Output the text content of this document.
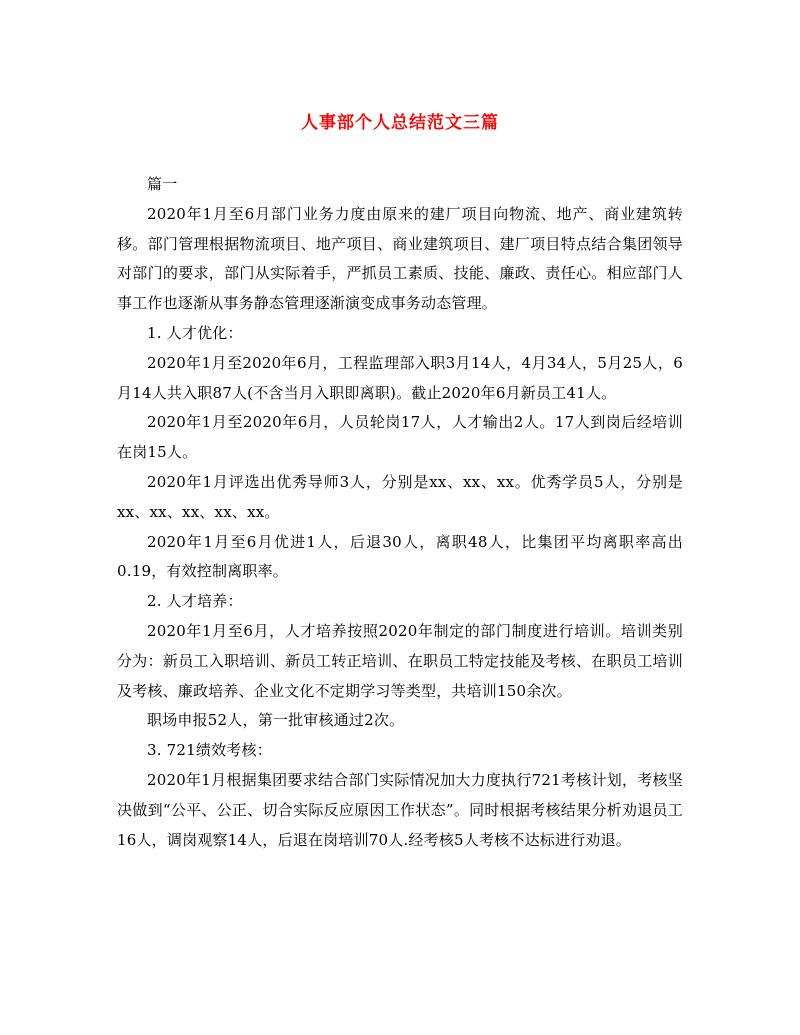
人事部个人总结范文三篇

篇一

2020年1月至6月部门业务力度由原来的建厂项目向物流、地产、商业建筑转移。部门管理根据物流项目、地产项目、商业建筑项目、建厂项目特点结合集团领导对部门的要求，部门从实际着手，严抓员工素质、技能、廉政、责任心。相应部门人事工作也逐渐从事务静态管理逐渐演变成事务动态管理。

1. 人才优化：

2020年1月至2020年6月，工程监理部入职3月14人，4月34人，5月25人，6月14人共入职87人(不含当月入职即离职)。截止2020年6月新员工41人。

2020年1月至2020年6月，人员轮岗17人，人才输出2人。17人到岗后经培训在岗15人。

2020年1月评选出优秀导师3人，分别是xx、xx、xx。优秀学员5人，分别是xx、xx、xx、xx、xx。

2020年1月至6月优进1人，后退30人，离职48人，比集团平均离职率高出0.19，有效控制离职率。

2. 人才培养：

2020年1月至6月，人才培养按照2020年制定的部门制度进行培训。培训类别分为：新员工入职培训、新员工转正培训、在职员工特定技能及考核、在职员工培训及考核、廉政培养、企业文化不定期学习等类型，共培训150余次。

职场申报52人，第一批审核通过2次。

3. 721绩效考核：

2020年1月根据集团要求结合部门实际情况加大力度执行721考核计划，考核坚决做到“公平、公正、切合实际反应原因工作状态”。同时根据考核结果分析劝退员工16人，调岗观察14人，后退在岗培训70人.经考核5人考核不达标进行劝退。
